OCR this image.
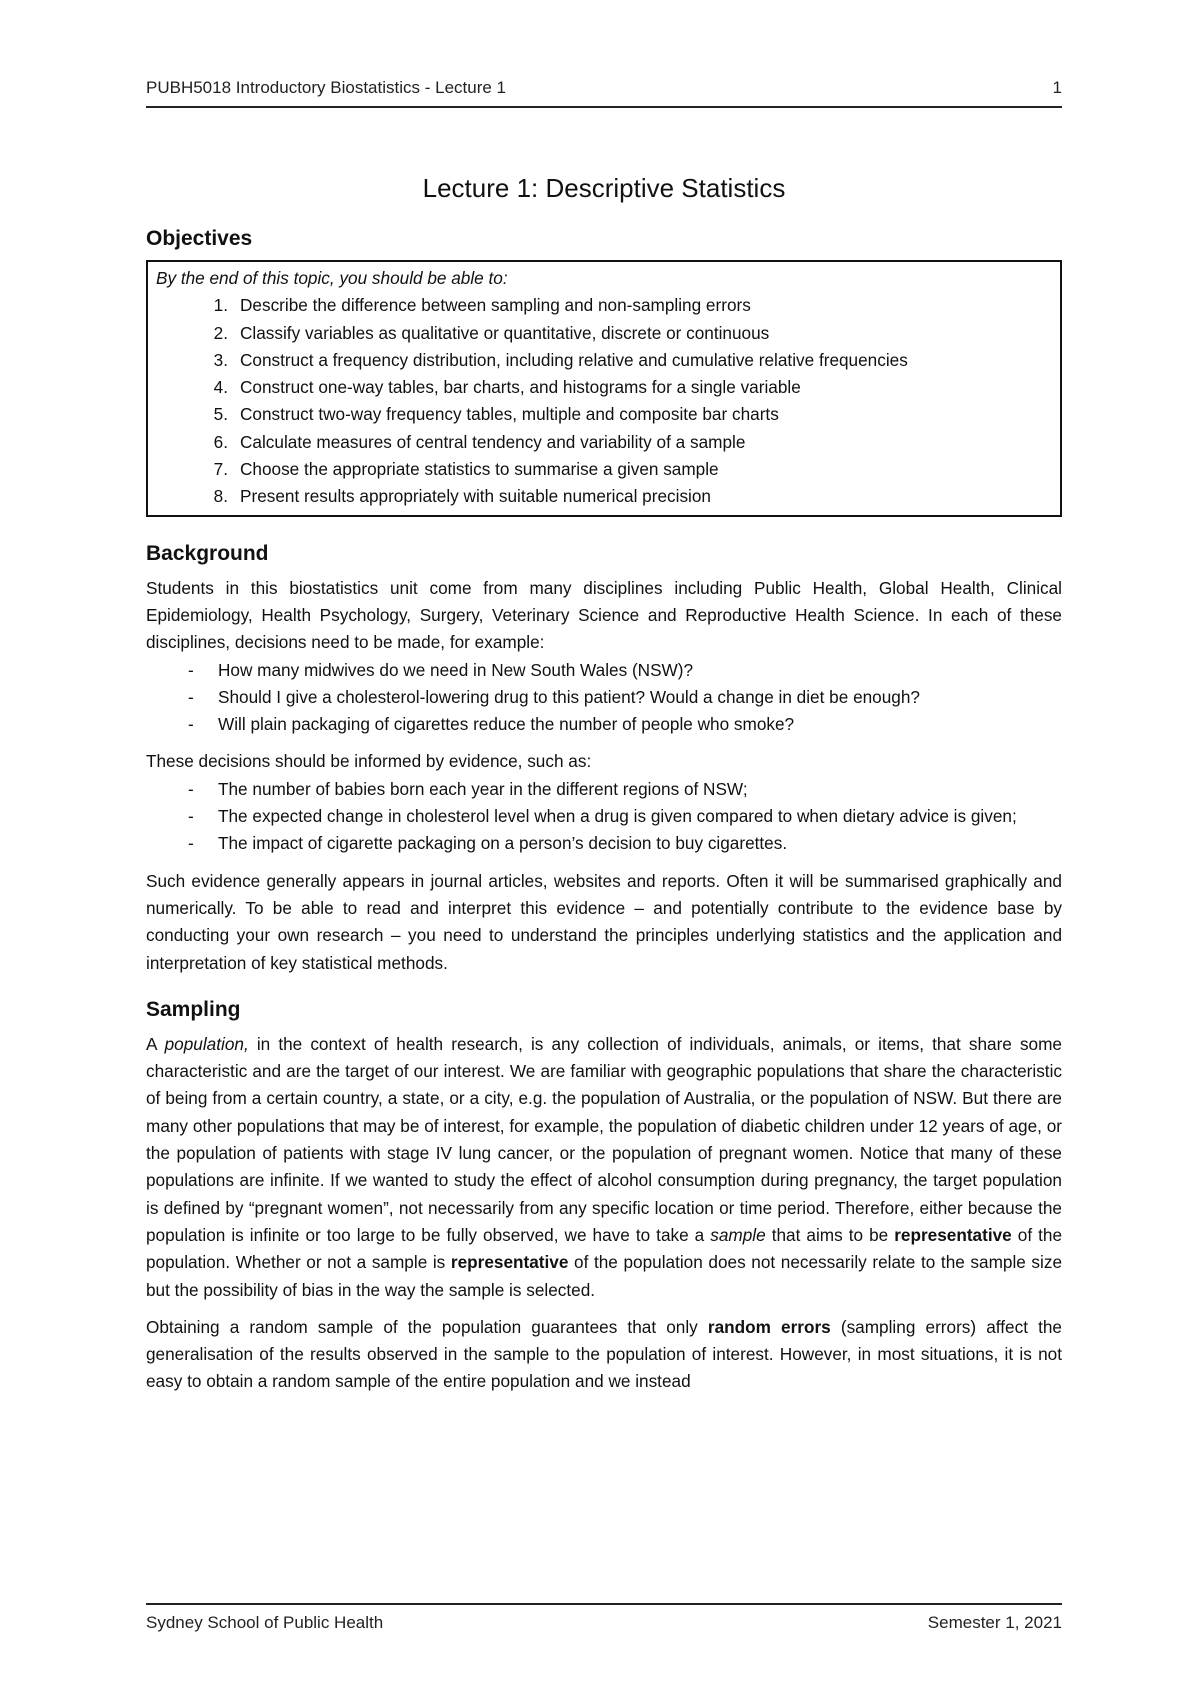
PUBH5018 Introductory Biostatistics - Lecture 1	1
Lecture 1: Descriptive Statistics
Objectives
By the end of this topic, you should be able to:
1. Describe the difference between sampling and non-sampling errors
2. Classify variables as qualitative or quantitative, discrete or continuous
3. Construct a frequency distribution, including relative and cumulative relative frequencies
4. Construct one-way tables, bar charts, and histograms for a single variable
5. Construct two-way frequency tables, multiple and composite bar charts
6. Calculate measures of central tendency and variability of a sample
7. Choose the appropriate statistics to summarise a given sample
8. Present results appropriately with suitable numerical precision
Background

Students in this biostatistics unit come from many disciplines including Public Health, Global Health, Clinical Epidemiology, Health Psychology, Surgery, Veterinary Science and Reproductive Health Science. In each of these disciplines, decisions need to be made, for example:

-	How many midwives do we need in New South Wales (NSW)?
-	Should I give a cholesterol-lowering drug to this patient? Would a change in diet be enough?
-	Will plain packaging of cigarettes reduce the number of people who smoke?

These decisions should be informed by evidence, such as:

-	The number of babies born each year in the different regions of NSW;
-	The expected change in cholesterol level when a drug is given compared to when dietary advice is given;
-	The impact of cigarette packaging on a person’s decision to buy cigarettes.

Such evidence generally appears in journal articles, websites and reports. Often it will be summarised graphically and numerically. To be able to read and interpret this evidence – and potentially contribute to the evidence base by conducting your own research – you need to understand the principles underlying statistics and the application and interpretation of key statistical methods.

Sampling

A population, in the context of health research, is any collection of individuals, animals, or items, that share some characteristic and are the target of our interest. We are familiar with geographic populations that share the characteristic of being from a certain country, a state, or a city, e.g. the population of Australia, or the population of NSW. But there are many other populations that may be of interest, for example, the population of diabetic children under 12 years of age, or the population of patients with stage IV lung cancer, or the population of pregnant women. Notice that many of these populations are infinite. If we wanted to study the effect of alcohol consumption during pregnancy, the target population is defined by “pregnant women”, not necessarily from any specific location or time period. Therefore, either because the population is infinite or too large to be fully observed, we have to take a sample that aims to be representative of the population. Whether or not a sample is representative of the population does not necessarily relate to the sample size but the possibility of bias in the way the sample is selected.

Obtaining a random sample of the population guarantees that only random errors (sampling errors) affect the generalisation of the results observed in the sample to the population of interest. However, in most situations, it is not easy to obtain a random sample of the entire population and we instead

Sydney School of Public Health	Semester 1, 2021
